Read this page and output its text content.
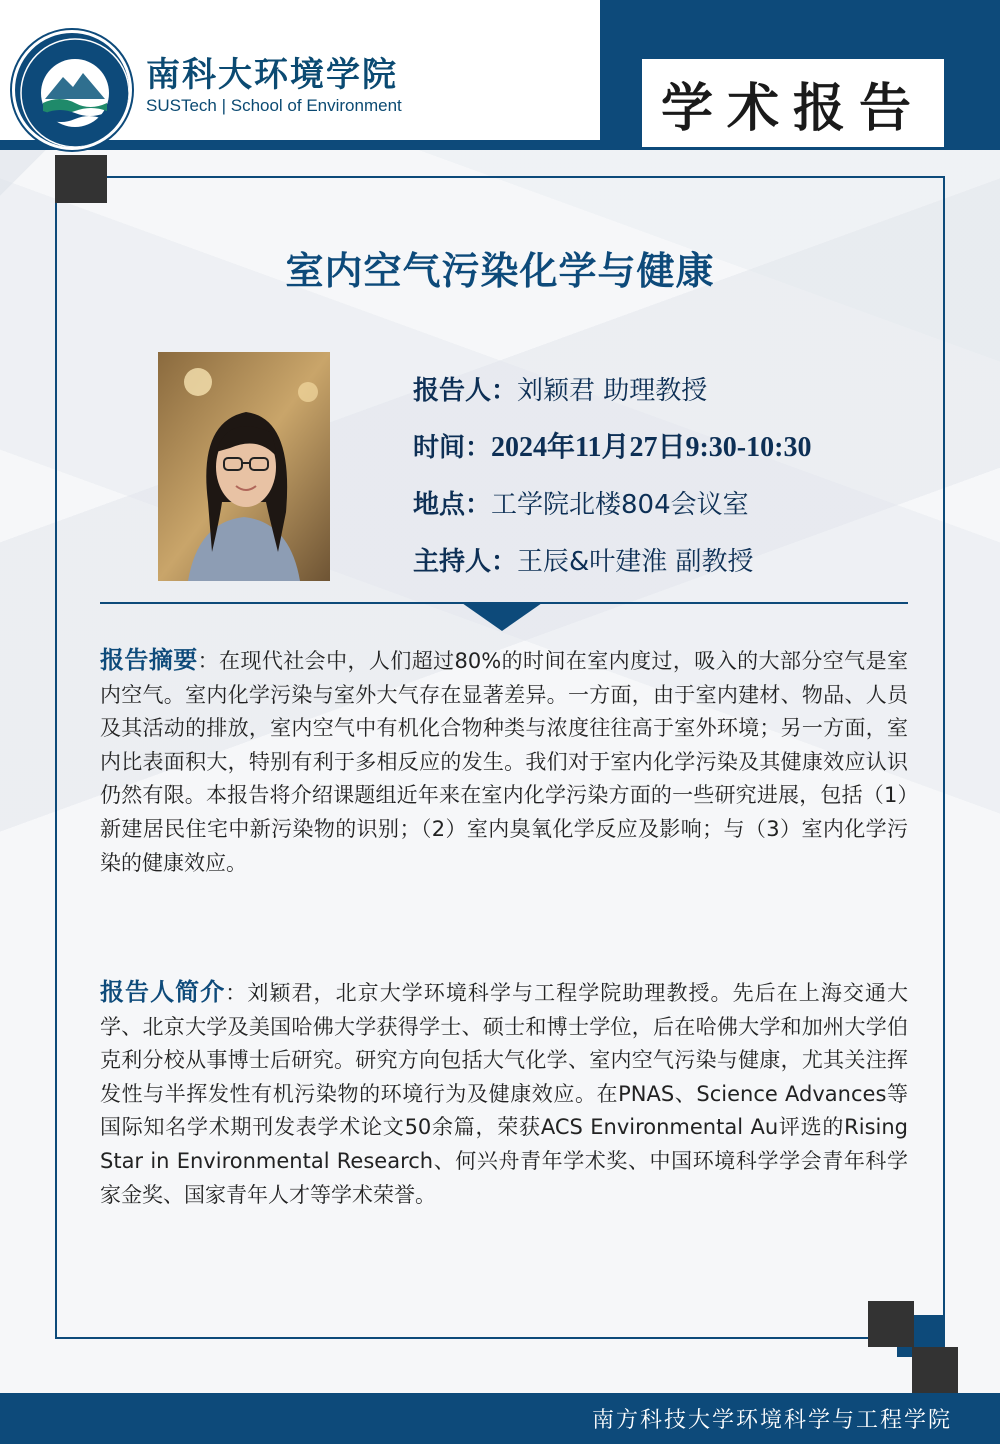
南科大环境学院
SUSTech | School of Environment	学术报告
室内空气污染化学与健康
报告人：刘颖君 助理教授
时间：2024年11月27日9:30-10:30
地点：工学院北楼804会议室
主持人：王辰&叶建淮 副教授
报告摘要：在现代社会中，人们超过80%的时间在室内度过，吸入的大部分空气是室内空气。室内化学污染与室外大气存在显著差异。一方面，由于室内建材、物品、人员及其活动的排放，室内空气中有机化合物种类与浓度往往高于室外环境；另一方面，室内比表面积大，特别有利于多相反应的发生。我们对于室内化学污染及其健康效应认识仍然有限。本报告将介绍课题组近年来在室内化学污染方面的一些研究进展，包括（1）新建居民住宅中新污染物的识别；（2）室内臭氧化学反应及影响；与（3）室内化学污染的健康效应。
报告人简介：刘颖君，北京大学环境科学与工程学院助理教授。先后在上海交通大学、北京大学及美国哈佛大学获得学士、硕士和博士学位，后在哈佛大学和加州大学伯克利分校从事博士后研究。研究方向包括大气化学、室内空气污染与健康，尤其关注挥发性与半挥发性有机污染物的环境行为及健康效应。在PNAS、Science Advances等国际知名学术期刊发表学术论文50余篇，荣获ACS Environmental Au评选的Rising Star in Environmental Research、何兴舟青年学术奖、中国环境科学学会青年科学家金奖、国家青年人才等学术荣誉。
南方科技大学环境科学与工程学院
